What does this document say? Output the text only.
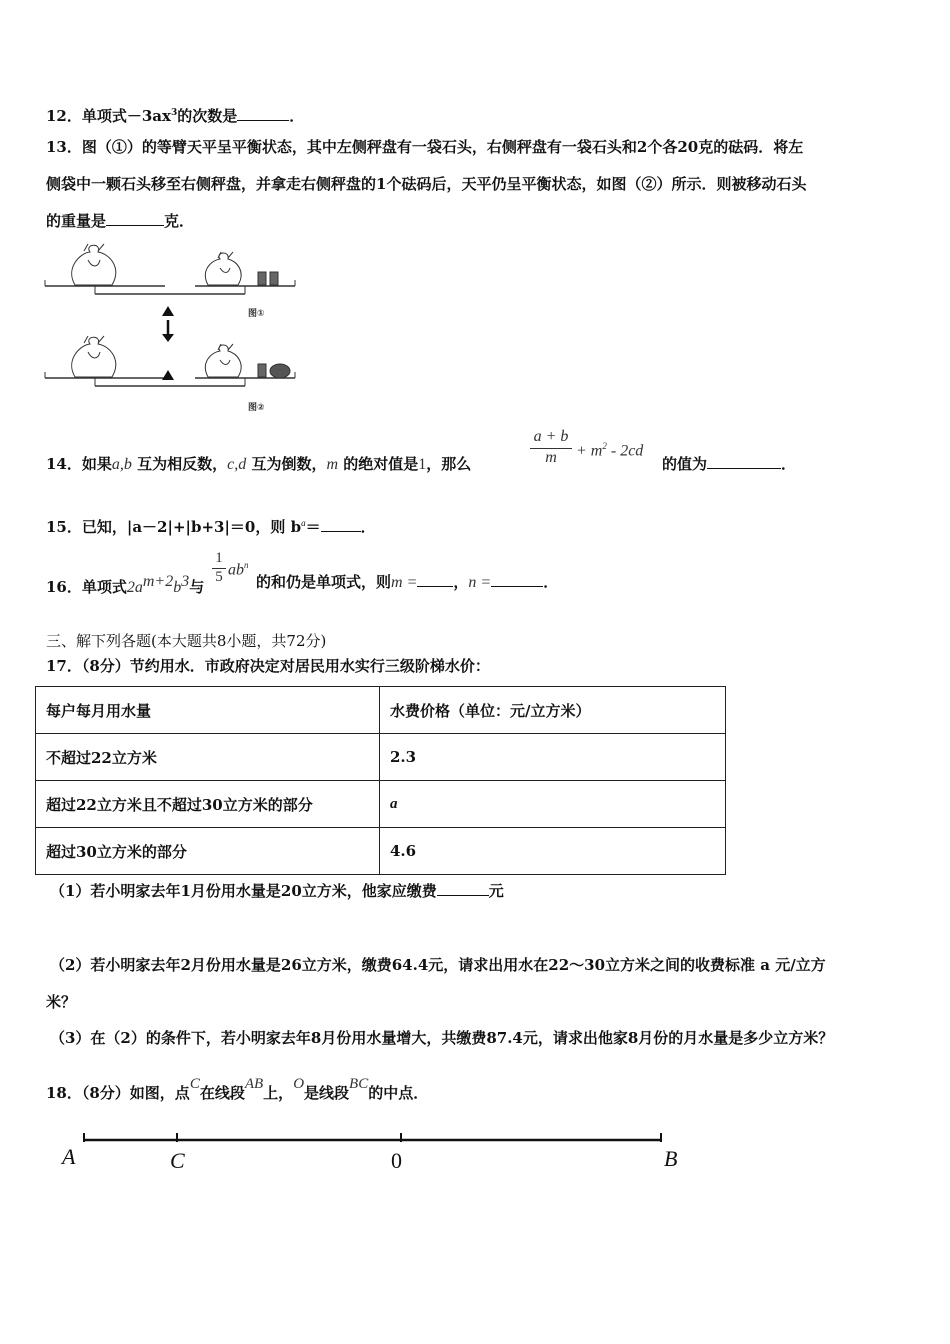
12．单项式$-3ax^3$的次数是	．
13．图（①）的等臂天平呈平衡状态，其中左侧秤盘有一袋石头，右侧秤盘有一袋石头和2个各20克的砝码．将左
侧袋中一颗石头移至右侧秤盘，并拿走右侧秤盘的1个砝码后，天平仍呈平衡状态，如图（②）所示．则被移动石头
的重量是	克．
图①
图②
14．如果a,b 互为相反数，c,d 互为倒数，m 的绝对值是1，那么	$\frac{a + b}{m} + m^2 - 2cd$
的值为	．
15．已知，|a－2|+|b+3|＝0，则 $b^a=$	．
16．单项式$2a^{m+2}b^3$与
$\frac{1}{5} ab^n$
的和仍是单项式，则m = ，n =	．
三、解下列各题(本大题共8小题，共72分)
17．（8分）节约用水．市政府决定对居民用水实行三级阶梯水价：
每户每月用水量	水费价格（单位：元/立方米）
不超过22立方米	2.3
超过22立方米且不超过30立方米的部分	a
超过30立方米的部分	4.6
（1）若小明家去年1月份用水量是20立方米，他家应缴费	元
（2）若小明家去年2月份用水量是26立方米，缴费64.4元，请求出用水在22～30立方米之间的收费标准 a 元/立方
米？
（3）在（2）的条件下，若小明家去年8月份用水量增大，共缴费87.4元，请求出他家8月份的月水量是多少立方米？
18．（8分）如图，点$^C$在线段$^{AB}$上，$^O$是线段$^{BC}$的中点．
A	C	0	B
